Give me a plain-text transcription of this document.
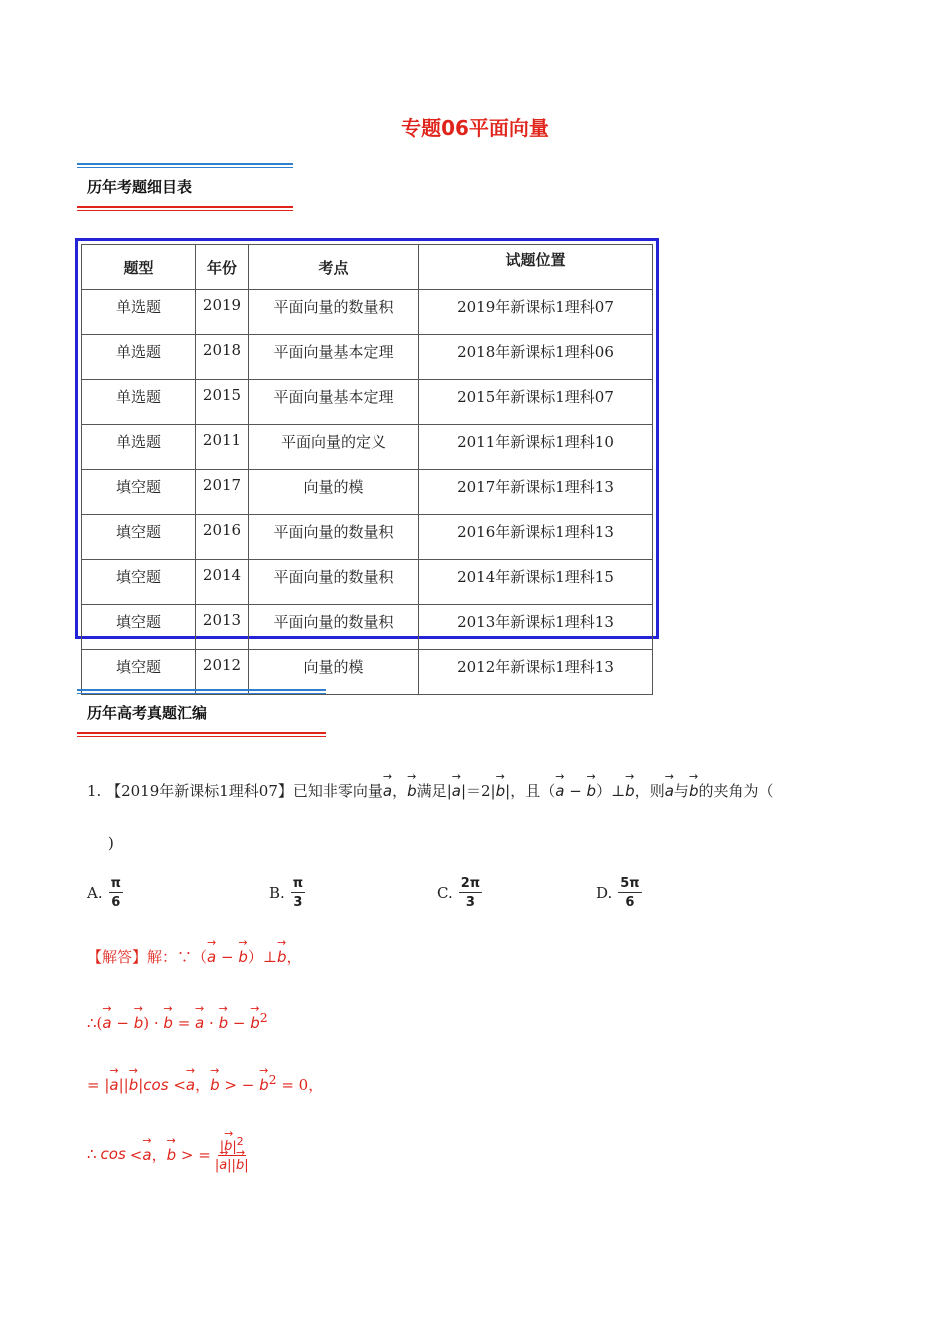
专题06平面向量
历年考题细目表
题型	年份	考点	试题位置
单选题	2019	平面向量的数量积	2019年新课标1理科07
单选题	2018	平面向量基本定理	2018年新课标1理科06
单选题	2015	平面向量基本定理	2015年新课标1理科07
单选题	2011	平面向量的定义	2011年新课标1理科10
填空题	2017	向量的模	2017年新课标1理科13
填空题	2016	平面向量的数量积	2016年新课标1理科13
填空题	2014	平面向量的数量积	2014年新课标1理科15
填空题	2013	平面向量的数量积	2013年新课标1理科13
填空题	2012	向量的模	2012年新课标1理科13
历年高考真题汇编
1. 【2019年新课标1理科07】已知非零向量→ a，→ b满足|→ a|＝2|→ b|，且（→ a − → b）⊥→ b，则→ a与→ b的夹角为（
)
A. $\frac{\pi}{6}$	B. $\frac{\pi}{3}$	C. $\frac{2\pi}{3}$	D. $\frac{5\pi}{6}$
【解答】解：∵（→ a − → b）⊥→ b，
∴(→ a − → b) · → b = → a · → b − → $b^2$
= |→ a||→ b|cos <→ a，→ b > − → $b^2 = 0$，
∴ cos <→ a，→ b > = $\frac{|\to b|^2}{|\to a||\to b|}$
